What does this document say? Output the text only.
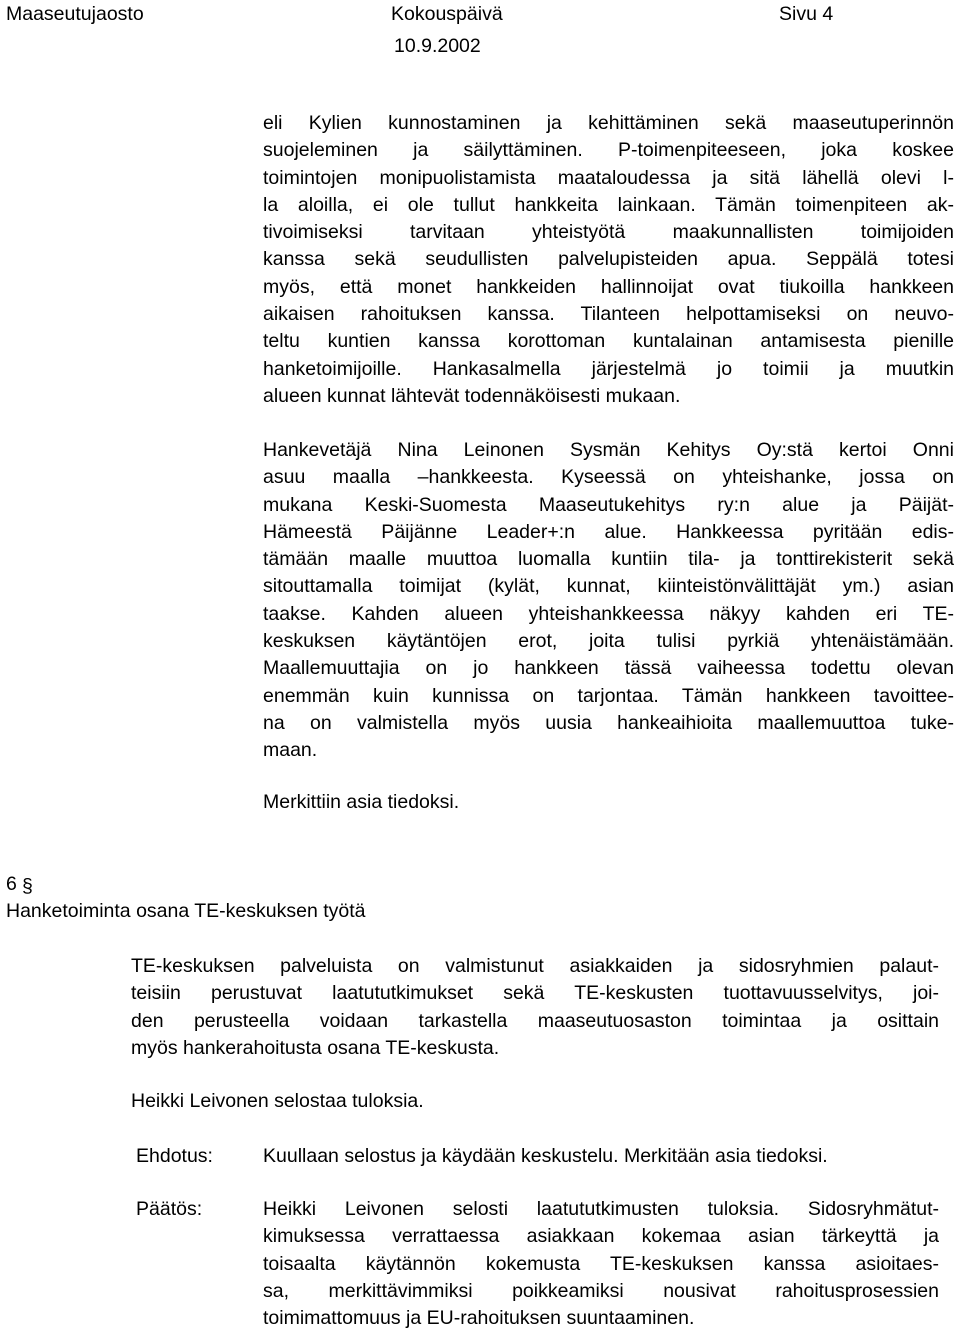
Maaseutujaosto	Kokouspäivä	Sivu 4
10.9.2002

eli Kylien kunnostaminen ja kehittäminen sekä maaseutuperinnön
suojeleminen ja säilyttäminen. P-toimenpiteeseen, joka koskee
toimintojen monipuolistamista maataloudessa ja sitä lähellä olevi l-
la aloilla, ei ole tullut hankkeita lainkaan. Tämän toimenpiteen ak-
tivoimiseksi tarvitaan yhteistyötä maakunnallisten toimijoiden
kanssa sekä seudullisten palvelupisteiden apua. Seppälä totesi
myös, että monet hankkeiden hallinnoijat ovat tiukoilla hankkeen
aikaisen rahoituksen kanssa. Tilanteen helpottamiseksi on neuvo-
teltu kuntien kanssa korottoman kuntalainan antamisesta pienille
hanketoimijoille. Hankasalmella järjestelmä jo toimii ja muutkin
alueen kunnat lähtevät todennäköisesti mukaan.

Hankevetäjä Nina Leinonen Sysmän Kehitys Oy:stä kertoi Onni
asuu maalla –hankkeesta. Kyseessä on yhteishanke, jossa on
mukana Keski-Suomesta Maaseutukehitys ry:n alue ja Päijät-
Hämeestä Päijänne Leader+:n alue. Hankkeessa pyritään edis-
tämään maalle muuttoa luomalla kuntiin tila- ja tonttirekisterit sekä
sitouttamalla toimijat (kylät, kunnat, kiinteistönvälittäjät ym.) asian
taakse. Kahden alueen yhteishankkeessa näkyy kahden eri TE-
keskuksen käytäntöjen erot, joita tulisi pyrkiä yhtenäistämään.
Maallemuuttajia on jo hankkeen tässä vaiheessa todettu olevan
enemmän kuin kunnissa on tarjontaa. Tämän hankkeen tavoittee-
na on valmistella myös uusia hankeaihioita maallemuuttoa tuke-
maan.

Merkittiin asia tiedoksi.

6 §
Hanketoiminta osana TE-keskuksen työtä

TE-keskuksen palveluista on valmistunut asiakkaiden ja sidosryhmien palaut-
teisiin perustuvat laatututkimukset sekä TE-keskusten tuottavuusselvitys, joi-
den perusteella voidaan tarkastella maaseutuosaston toimintaa ja osittain
myös hankerahoitusta osana TE-keskusta.

Heikki Leivonen selostaa tuloksia.

Ehdotus:	Kuullaan selostus ja käydään keskustelu. Merkitään asia tiedoksi.

Päätös:	Heikki Leivonen selosti laatututkimusten tuloksia. Sidosryhmätut-
kimuksessa verrattaessa asiakkaan kokemaa asian tärkeyttä ja
toisaalta käytännön kokemusta TE-keskuksen kanssa asioitaes-
sa, merkittävimmiksi poikkeamiksi nousivat rahoitusprosessien
toimimattomuus ja EU-rahoituksen suuntaaminen.
